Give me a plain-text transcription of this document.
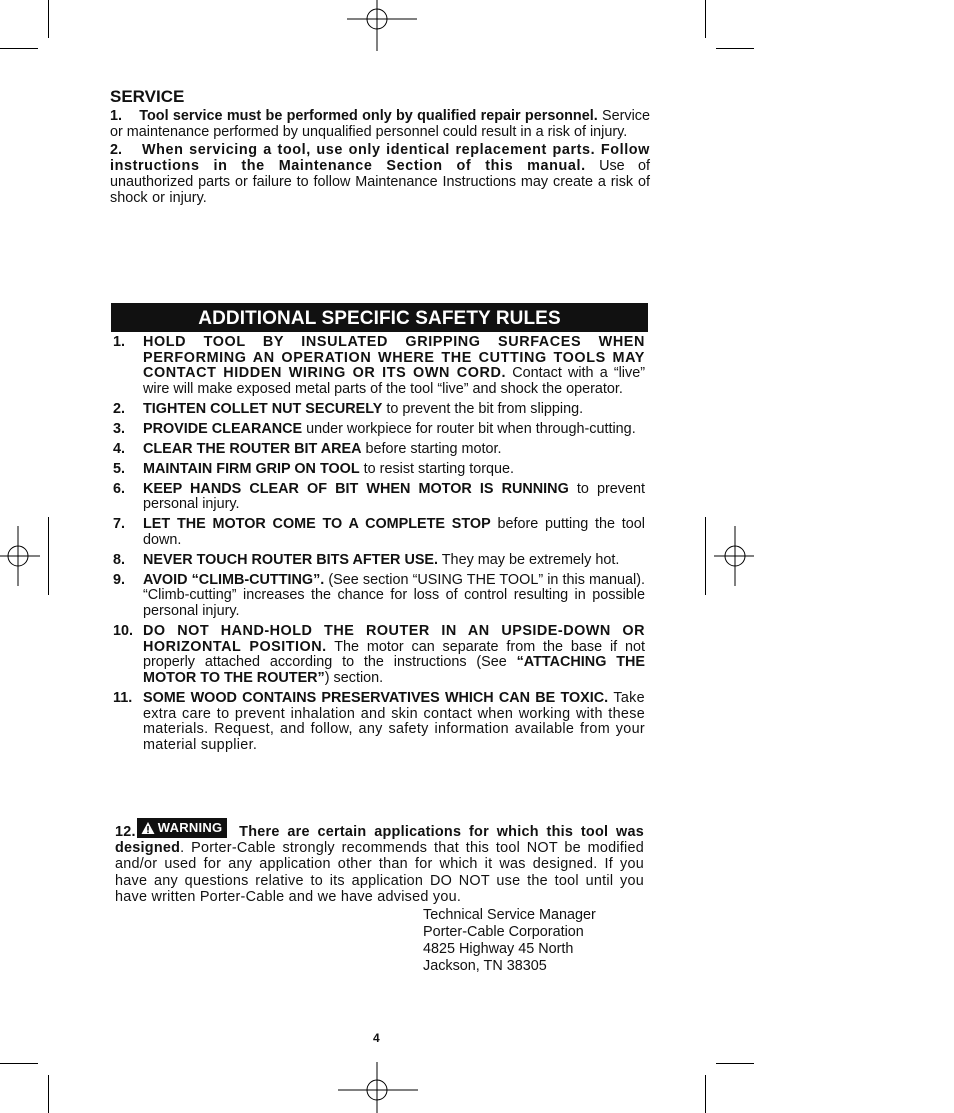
SERVICE

1. Tool service must be performed only by qualified repair personnel. Service or maintenance performed by unqualified personnel could result in a risk of injury.

2. When servicing a tool, use only identical replacement parts. Follow instructions in the Maintenance Section of this manual. Use of unauthorized parts or failure to follow Maintenance Instructions may create a risk of shock or injury.

ADDITIONAL SPECIFIC SAFETY RULES
1.	HOLD TOOL BY INSULATED GRIPPING SURFACES WHEN PERFORMING AN OPERATION WHERE THE CUTTING TOOLS MAY CONTACT HIDDEN WIRING OR ITS OWN CORD. Contact with a “live” wire will make exposed metal parts of the tool “live” and shock the operator.
2.	TIGHTEN COLLET NUT SECURELY to prevent the bit from slipping.
3.	PROVIDE CLEARANCE under workpiece for router bit when through-cutting.
4.	CLEAR THE ROUTER BIT AREA before starting motor.
5.	MAINTAIN FIRM GRIP ON TOOL to resist starting torque.
6.	KEEP HANDS CLEAR OF BIT WHEN MOTOR IS RUNNING to prevent personal injury.
7.	LET THE MOTOR COME TO A COMPLETE STOP before putting the tool down.
8.	NEVER TOUCH ROUTER BITS AFTER USE. They may be extremely hot.
9.	AVOID “CLIMB-CUTTING”. (See section “USING THE TOOL” in this manual). “Climb-cutting” increases the chance for loss of control resulting in possible personal injury.
10. DO NOT HAND-HOLD THE ROUTER IN AN UPSIDE-DOWN OR HORIZONTAL POSITION. The motor can separate from the base if not properly attached according to the instructions (See “ATTACHING THE MOTOR TO THE ROUTER”) section.
11. SOME WOOD CONTAINS PRESERVATIVES WHICH CAN BE TOXIC. Take extra care to prevent inhalation and skin contact when working with these materials. Request, and follow, any safety information available from your material supplier.

12. WARNING There are certain applications for which this tool was designed. Porter-Cable strongly recommends that this tool NOT be modified and/or used for any application other than for which it was designed. If you have any questions relative to its application DO NOT use the tool until you have written Porter-Cable and we have advised you.

Technical Service Manager
Porter-Cable Corporation
4825 Highway 45 North
Jackson, TN 38305
4
